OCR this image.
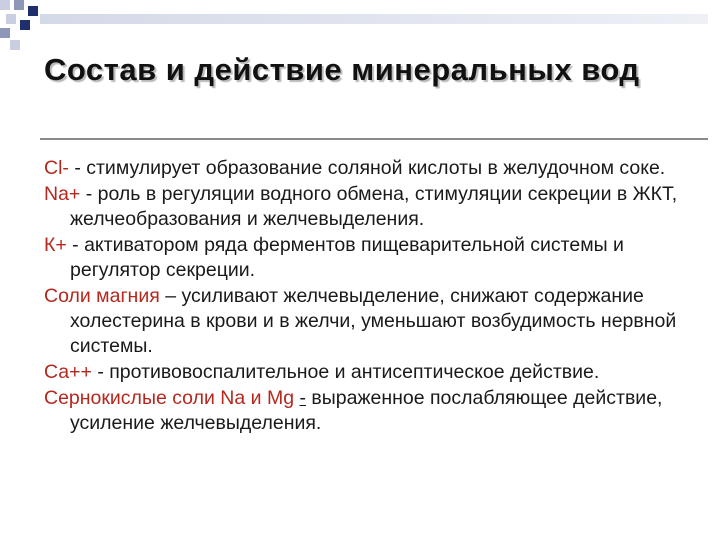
Состав и действие минеральных вод

Cl- - стимулирует образование соляной кислоты в желудочном соке.

Na+ - роль в регуляции водного обмена, стимуляции секреции в ЖКТ, желчеобразования и желчевыделения.

К+ - активатором ряда ферментов пищеварительной системы и регулятор секреции.

Соли магния – усиливают желчевыделение, снижают содержание холестерина в крови и в желчи, уменьшают возбудимость нервной системы.

Са++ - противовоспалительное и антисептическое действие.

Сернокислые соли Na и Mg - выраженное послабляющее действие, усиление желчевыделения.
